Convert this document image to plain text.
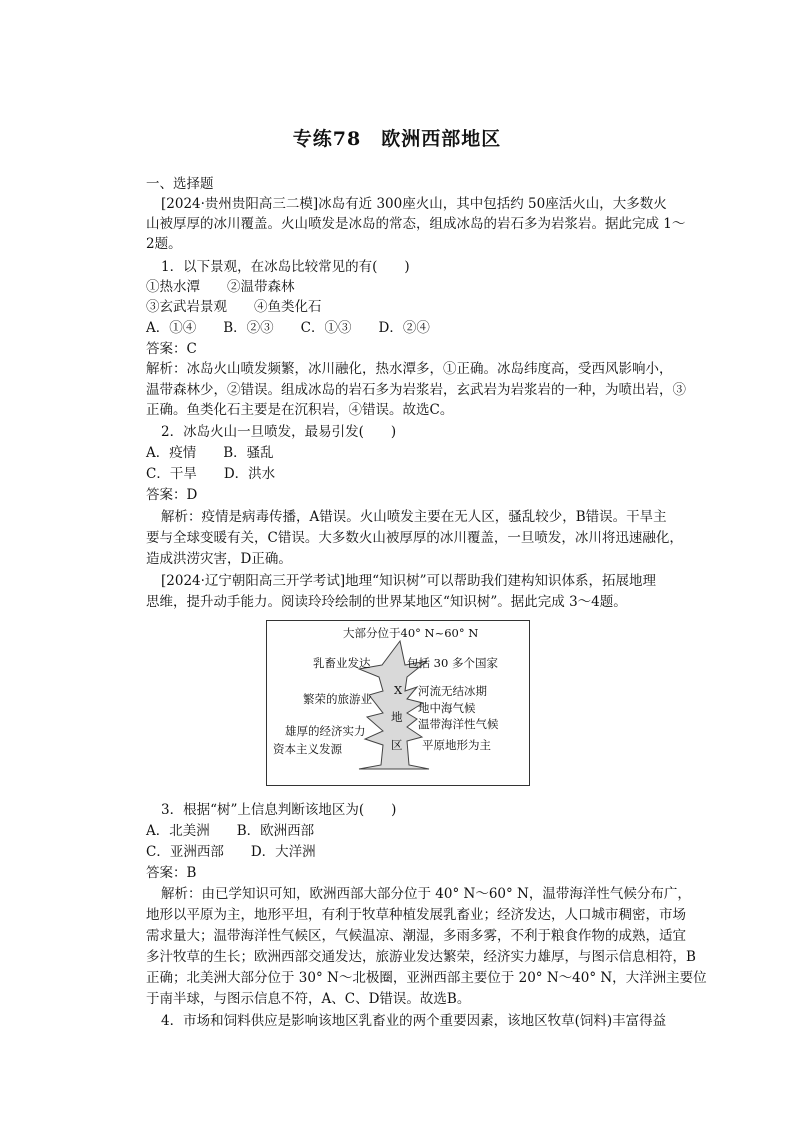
专练78　欧洲西部地区
一、选择题
[2024·贵州贵阳高三二模]冰岛有近 300座火山，其中包括约 50座活火山，大多数火
山被厚厚的冰川覆盖。火山喷发是冰岛的常态，组成冰岛的岩石多为岩浆岩。据此完成 1～
2题。
1．以下景观，在冰岛比较常见的有(　　)
①热水潭　　②温带森林
③玄武岩景观　　④鱼类化石
A．①④　　B．②③　　C．①③　　D．②④
答案：C
解析：冰岛火山喷发频繁，冰川融化，热水潭多，①正确。冰岛纬度高，受西风影响小，
温带森林少，②错误。组成冰岛的岩石多为岩浆岩，玄武岩为岩浆岩的一种，为喷出岩，③
正确。鱼类化石主要是在沉积岩，④错误。故选C。
2．冰岛火山一旦喷发，最易引发(　　)
A．疫情　　B．骚乱
C．干旱　　D．洪水
答案：D
解析：疫情是病毒传播，A错误。火山喷发主要在无人区，骚乱较少，B错误。干旱主
要与全球变暖有关，C错误。大多数火山被厚厚的冰川覆盖，一旦喷发，冰川将迅速融化，
造成洪涝灾害，D正确。
[2024·辽宁朝阳高三开学考试]地理“知识树”可以帮助我们建构知识体系，拓展地理
思维，提升动手能力。阅读玲玲绘制的世界某地区“知识树”。据此完成 3～4题。
大部分位于40° N~60° N
乳畜业发达
繁荣的旅游业
雄厚的经济实力
资本主义发源
包括 30 多个国家
河流无结冰期
地中海气候
温带海洋性气候
平原地形为主
X
地
区
3．根据“树”上信息判断该地区为(　　)
A．北美洲　　B．欧洲西部
C．亚洲西部　　D．大洋洲
答案：B
解析：由已学知识可知，欧洲西部大部分位于 40° N～60° N，温带海洋性气候分布广，
地形以平原为主，地形平坦，有利于牧草种植发展乳畜业；经济发达，人口城市稠密，市场
需求量大；温带海洋性气候区，气候温凉、潮湿，多雨多雾，不利于粮食作物的成熟，适宜
多汁牧草的生长；欧洲西部交通发达，旅游业发达繁荣，经济实力雄厚，与图示信息相符，B
正确；北美洲大部分位于 30° N～北极圈，亚洲西部主要位于 20° N～40° N，大洋洲主要位
于南半球，与图示信息不符，A、C、D错误。故选B。
4．市场和饲料供应是影响该地区乳畜业的两个重要因素，该地区牧草(饲料)丰富得益
